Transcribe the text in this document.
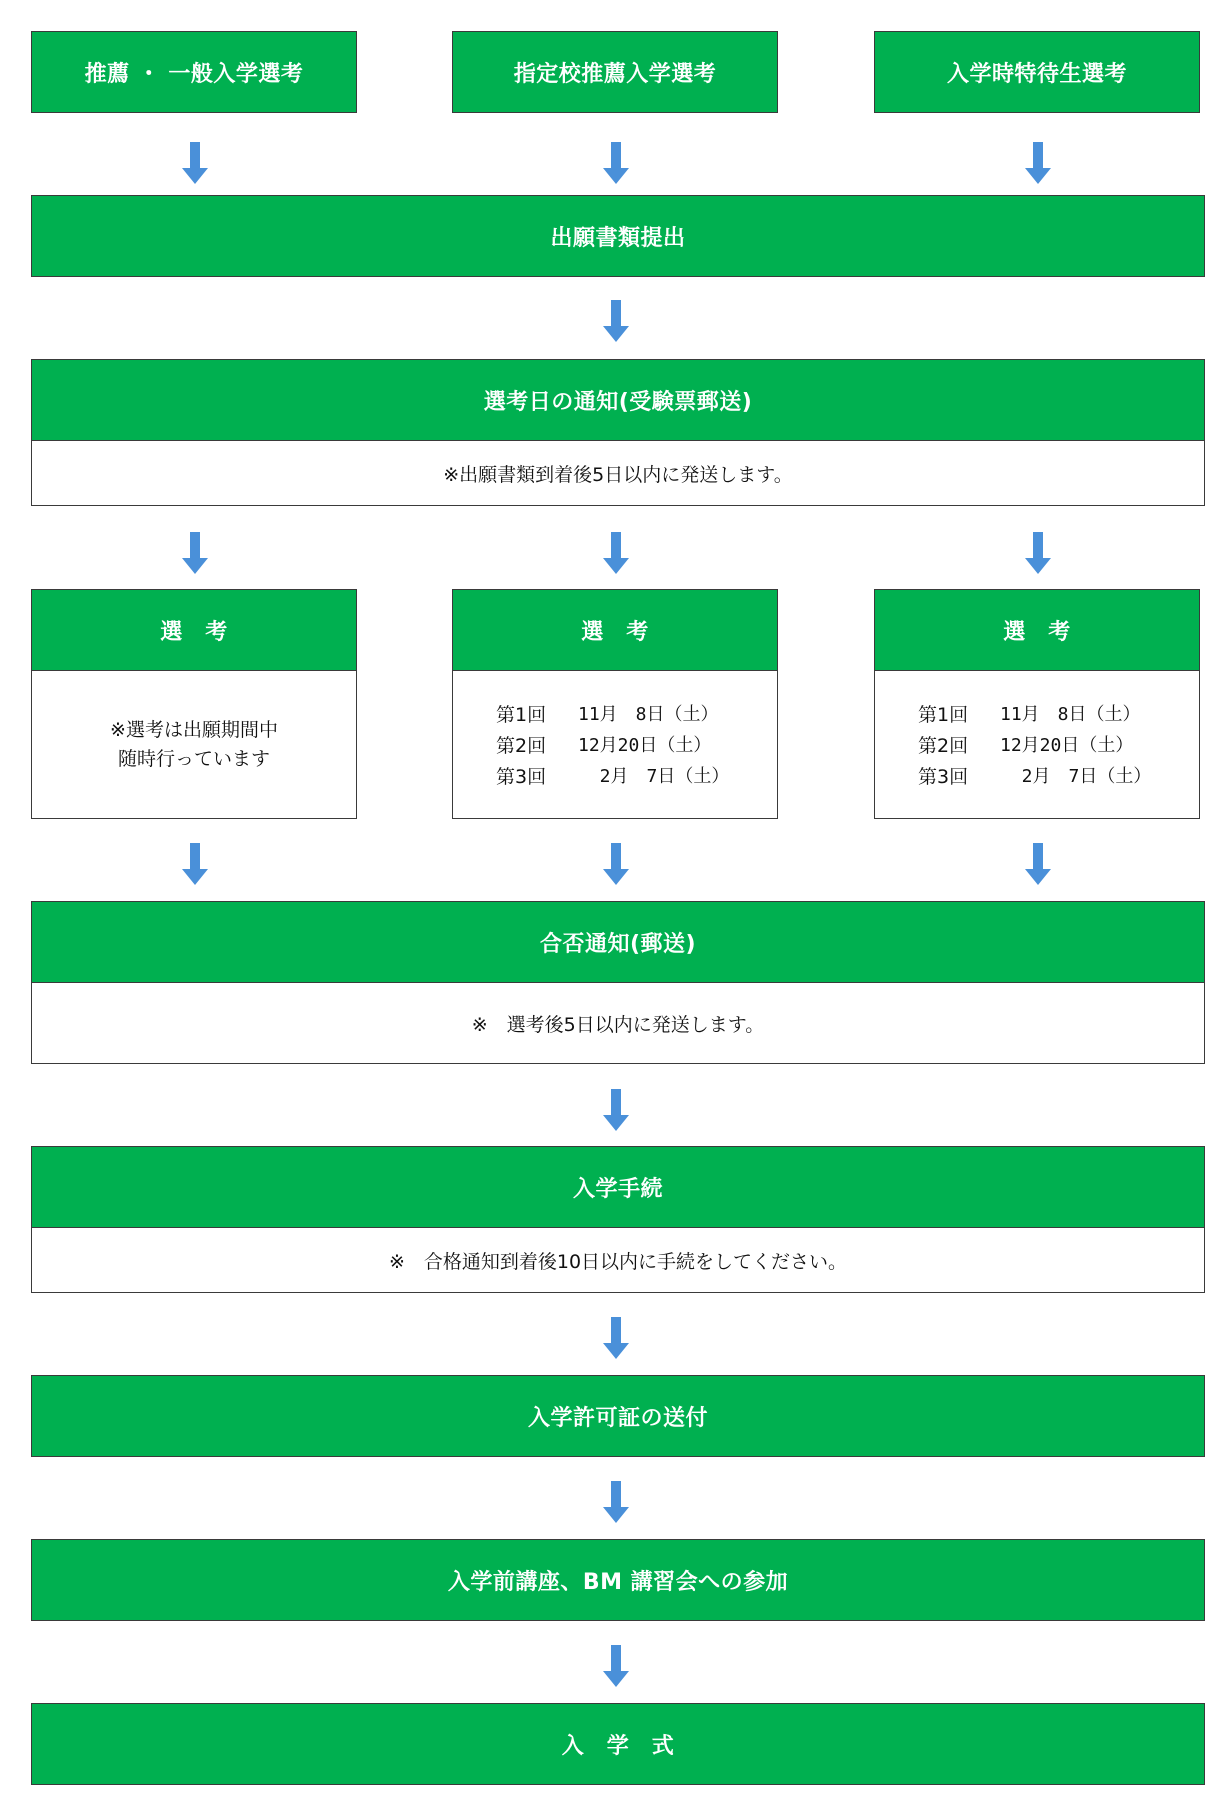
推薦 ・ 一般入学選考	指定校推薦入学選考	入学時特待生選考
出願書類提出
選考日の通知(受験票郵送)
※出願書類到着後5日以内に発送します。
選　考
※選考は出願期間中
随時行っています
選　考
第1回	11月　8日（土）
第2回	12月20日（土）
第3回	2月　7日（土）
選　考
第1回	11月　8日（土）
第2回	12月20日（土）
第3回	2月　7日（土）
合否通知(郵送)
※　選考後5日以内に発送します。
入学手続
※　合格通知到着後10日以内に手続をしてください。
入学許可証の送付
入学前講座、BM 講習会への参加
入　学　式
